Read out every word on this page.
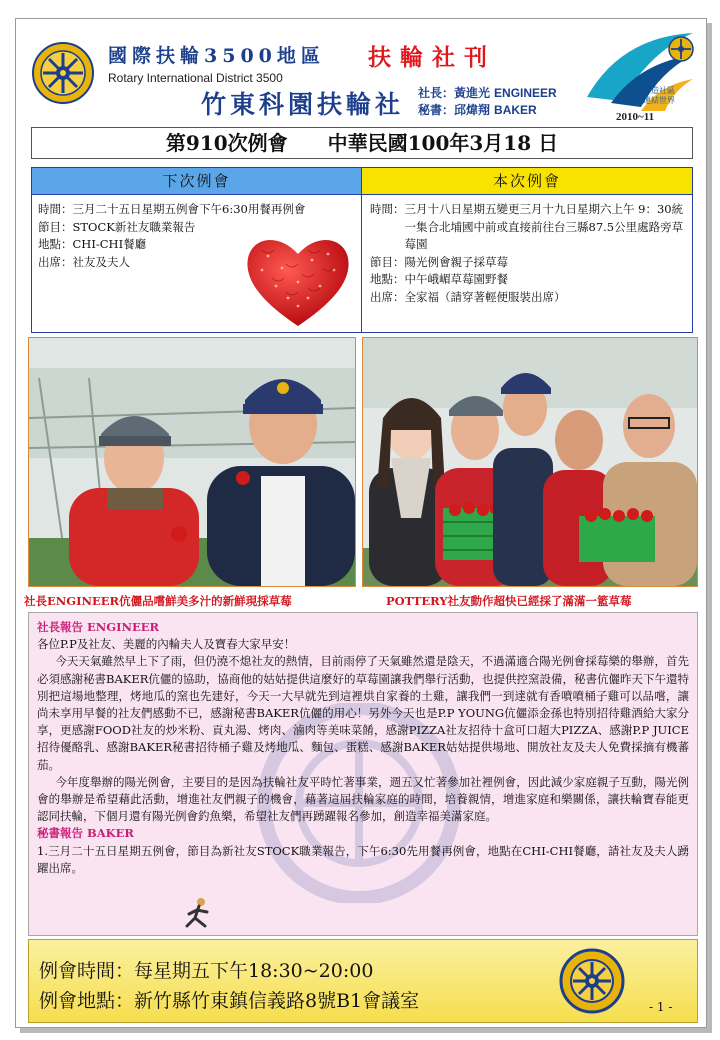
國際扶輪3500地區
Rotary International District 3500
竹東科園扶輪社
扶輪社刊
社長：黃進光 ENGINEER
秘書：邱煒翔 BAKER
打造社區連結世界
2010~11
第910次例會 中華民國100年3月18 日
下次例會	本次例會
時間： 三月二十五日星期五例會下午6:30用餐再例會
節目： STOCK新社友職業報告
地點： CHI-CHI餐廳
出席： 社友及夫人
時間： 三月十八日星期五變更三月十九日星期六上午 9：30統一集合北埔國中前或直接前往台三縣87.5公里處路旁草莓園
節目： 陽光例會親子採草莓
地點： 中午峨嵋草莓園野餐
出席： 全家福（請穿著輕便服裝出席）
社長ENGINEER伉儷品嚐鮮美多汁的新鮮現採草莓	POTTERY社友動作超快已經採了滿滿一籃草莓

社長報告 ENGINEER

各位P.P及社友、美麗的內輪夫人及寶春大家早安！

今天天氣雖然早上下了雨，但仍澆不熄社友的熱情，目前雨停了天氣雖然還是陰天，不過滿適合陽光例會採莓樂的舉辦，首先必須感謝秘書BAKER伉儷的協助，協商他的姑姑提供這麼好的草莓園讓我們舉行活動，也提供控窯設備，秘書伉儷昨天下午還特別把這場地整理，烤地瓜的窯也先建好，今天一大早就先到這裡烘自家養的土雞，讓我們一到達就有香噴噴桶子雞可以品嚐，讓尚未享用早餐的社友們感動不已，感謝秘書BAKER伉儷的用心！另外今天也是P.P YOUNG伉儷添金孫也特別招待雞酒給大家分享，更感謝FOOD社友的炒米粉、貢丸湯、烤肉、滷肉等美味菜餚，感謝PIZZA社友招待十盒可口超大PIZZA、感謝P.P JUICE招待優酪乳、感謝BAKER秘書招待桶子雞及烤地瓜、麵包、蛋糕、感謝BAKER姑姑提供場地、開放社友及夫人免費採摘有機蕃茄。

今年度舉辦的陽光例會，主要目的是因為扶輪社友平時忙著事業，週五又忙著參加社裡例會，因此減少家庭親子互動，陽光例會的舉辦是希望藉此活動，增進社友們親子的機會，藉著這屆扶輪家庭的時間，培養親情，增進家庭和樂關係，讓扶輪寶春能更認同扶輪，下個月還有陽光例會釣魚樂，希望社友們再踴躍報名參加，創造幸福美滿家庭。

秘書報告 BAKER

1.三月二十五日星期五例會，節目為新社友STOCK職業報告，下午6:30先用餐再例會，地點在CHI-CHI餐廳，請社友及夫人踴躍出席。

例會時間：每星期五下午18:30~20:00
例會地點：新竹縣竹東鎮信義路8號B1會議室	- 1 -
